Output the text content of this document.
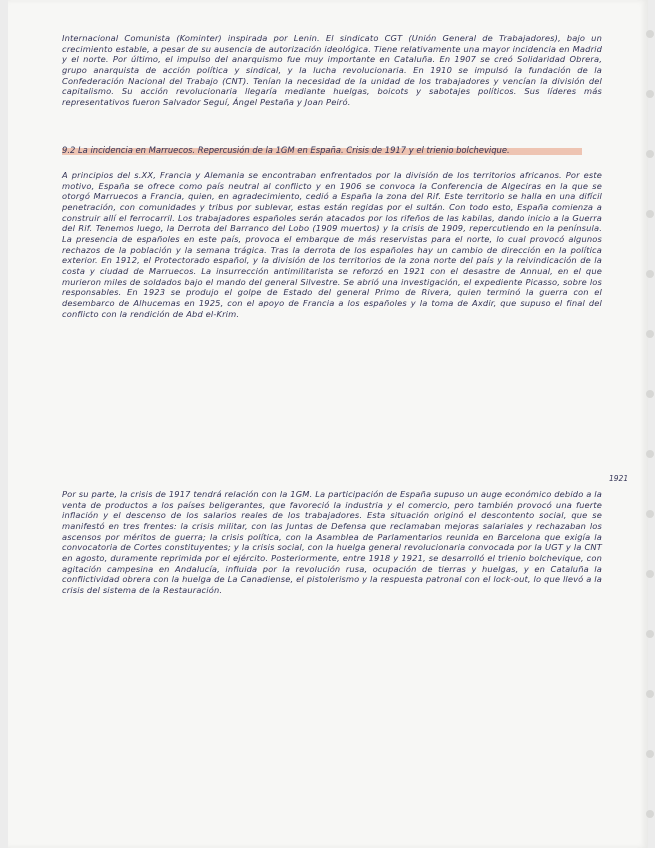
Internacional Comunista (Kominter) inspirada por Lenin. El sindicato CGT (Unión General de Trabajadores), bajo un crecimiento estable, a pesar de su ausencia de autorización ideológica. Tiene relativamente una mayor incidencia en Madrid y el norte. Por último, el impulso del anarquismo fue muy importante en Cataluña. En 1907 se creó Solidaridad Obrera, grupo anarquista de acción política y sindical, y la lucha revolucionaria. En 1910 se impulsó la fundación de la Confederación Nacional del Trabajo (CNT). Tenían la necesidad de la unidad de los trabajadores y vencían la división del capitalismo. Su acción revolucionaria llegaría mediante huelgas, boicots y sabotajes políticos. Sus líderes más representativos fueron Salvador Seguí, Ángel Pestaña y Joan Peiró.
9.2 La incidencia en Marruecos. Repercusión de la 1GM en España. Crisis de 1917 y el trienio bolchevique.
A principios del s.XX, Francia y Alemania se encontraban enfrentados por la división de los territorios africanos. Por este motivo, España se ofrece como país neutral al conflicto y en 1906 se convoca la Conferencia de Algeciras en la que se otorgó Marruecos a Francia, quien, en agradecimiento, cedió a España la zona del Rif. Este territorio se halla en una difícil penetración, con comunidades y tribus por sublevar, estas están regidas por el sultán. Con todo esto, España comienza a construir allí el ferrocarril. Los trabajadores españoles serán atacados por los rifeños de las kabilas, dando inicio a la Guerra del Rif. Tenemos luego, la Derrota del Barranco del Lobo (1909 muertos) y la crisis de 1909, repercutiendo en la península. La presencia de españoles en este país, provoca el embarque de más reservistas para el norte, lo cual provocó algunos rechazos de la población y la semana trágica. Tras la derrota de los españoles hay un cambio de dirección en la política exterior. En 1912, el Protectorado español, y la división de los territorios de la zona norte del país y la reivindicación de la costa y ciudad de Marruecos. La insurrección antimilitarista se reforzó en 1921 con el desastre de Annual, en el que murieron miles de soldados bajo el mando del general Silvestre. Se abrió una investigación, el expediente Picasso, sobre los responsables. En 1923 se produjo el golpe de Estado del general Primo de Rivera, quien terminó la guerra con el desembarco de Alhucemas en 1925, con el apoyo de Francia a los españoles y la toma de Axdir, que supuso el final del conflicto con la rendición de Abd el-Krim.
1921
Por su parte, la crisis de 1917 tendrá relación con la 1GM. La participación de España supuso un auge económico debido a la venta de productos a los países beligerantes, que favoreció la industria y el comercio, pero también provocó una fuerte inflación y el descenso de los salarios reales de los trabajadores. Esta situación originó el descontento social, que se manifestó en tres frentes: la crisis militar, con las Juntas de Defensa que reclamaban mejoras salariales y rechazaban los ascensos por méritos de guerra; la crisis política, con la Asamblea de Parlamentarios reunida en Barcelona que exigía la convocatoria de Cortes constituyentes; y la crisis social, con la huelga general revolucionaria convocada por la UGT y la CNT en agosto, duramente reprimida por el ejército. Posteriormente, entre 1918 y 1921, se desarrolló el trienio bolchevique, con agitación campesina en Andalucía, influida por la revolución rusa, ocupación de tierras y huelgas, y en Cataluña la conflictividad obrera con la huelga de La Canadiense, el pistolerismo y la respuesta patronal con el lock-out, lo que llevó a la crisis del sistema de la Restauración.
